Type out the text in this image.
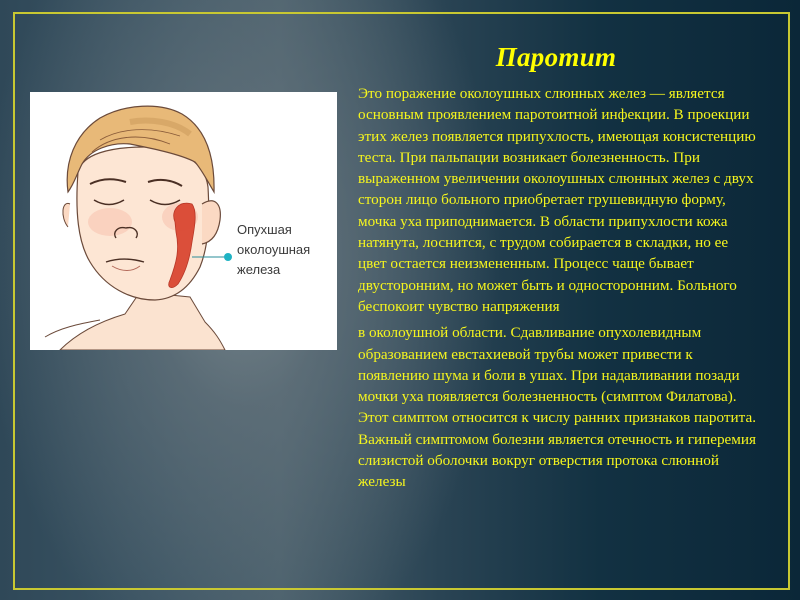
Опухшая
околоушная
железа
Паротит

Это поражение околоушных слюнных желез — является основным проявлением паротоитной инфекции. В проекции этих желез появляется припухлость, имеющая консистенцию теста. При пальпации возникает болезненность. При выраженном увеличении околоушных слюнных желез с двух сторон лицо больного приобретает грушевидную форму, мочка уха приподнимается. В области припухлости кожа натянута, лоснится, с трудом собирается в складки, но ее цвет остается неизмененным. Процесс чаще бывает двусторонним, но может быть и односторонним. Больного беспокоит чувство напряжения

в околоушной области. Сдавливание опухолевидным образованием евстахиевой трубы может привести к появлению шума и боли в ушах. При надавливании позади мочки уха появляется болезненность (симптом Филатова). Этот симптом относится к числу ранних признаков паротита. Важный симптомом болезни является отечность и гиперемия слизистой оболочки вокруг отверстия протока слюнной железы
